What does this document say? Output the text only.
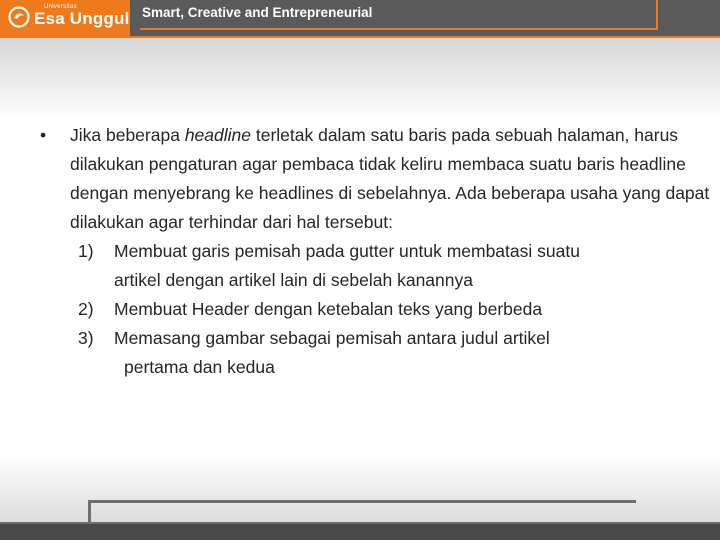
Universitas
Esa Unggul Smart, Creative and Entrepreneurial
• Jika beberapa headline terletak dalam satu baris pada sebuah halaman, harus dilakukan pengaturan agar pembaca tidak keliru membaca suatu baris headline dengan menyebrang ke headlines di sebelahnya. Ada beberapa usaha yang dapat dilakukan agar terhindar dari hal tersebut:
1) Membuat garis pemisah pada gutter untuk membatasi suatu
artikel dengan artikel lain di sebelah kanannya
2) Membuat Header dengan ketebalan teks yang berbeda
3) Memasang gambar sebagai pemisah antara judul artikel
pertama dan kedua
